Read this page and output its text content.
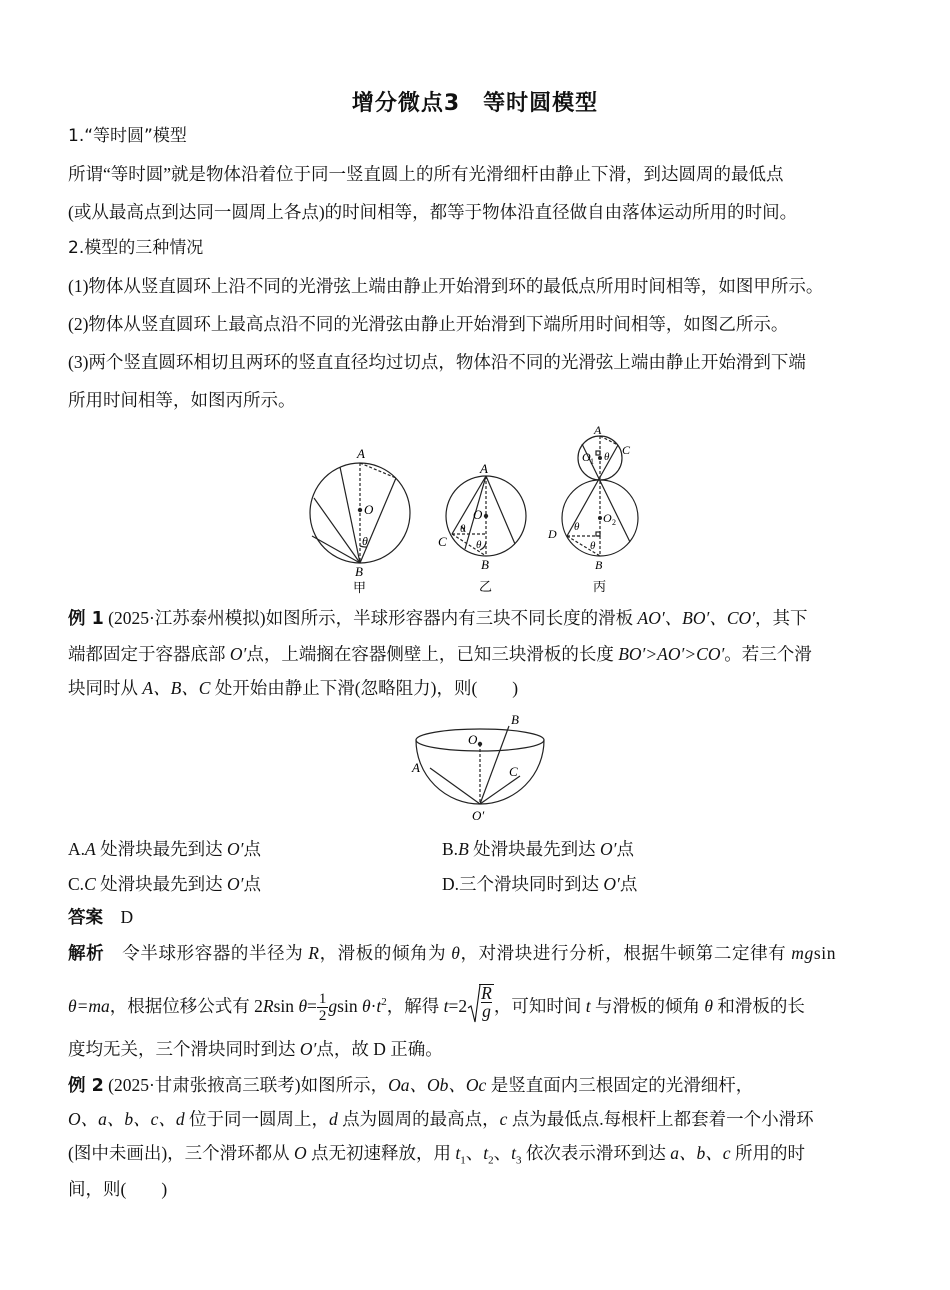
增分微点3　等时圆模型
1.“等时圆”模型
所谓“等时圆”就是物体沿着位于同一竖直圆上的所有光滑细杆由静止下滑，到达圆周的最低点
(或从最高点到达同一圆周上各点)的时间相等，都等于物体沿直径做自由落体运动所用的时间。
2.模型的三种情况
(1)物体从竖直圆环上沿不同的光滑弦上端由静止开始滑到环的最低点所用时间相等，如图甲所示。
(2)物体从竖直圆环上最高点沿不同的光滑弦由静止开始滑到下端所用时间相等，如图乙所示。
(3)两个竖直圆环相切且两环的竖直直径均过切点，物体沿不同的光滑弦上端由静止开始滑到下端
所用时间相等，如图丙所示。
A
O
θ
B
甲
A
O
C
θ
θ
B
乙
A
O 1 θ C
O 2
D θ
θ
B
丙
例 1 (2025·江苏泰州模拟)如图所示，半球形容器内有三块不同长度的滑板 AO′、BO′、CO′，其下
端都固定于容器底部 O′点，上端搁在容器侧壁上，已知三块滑板的长度 BO′>AO′>CO′。若三个滑
块同时从 A、B、C 处开始由静止下滑(忽略阻力)，则(　　)
O
B
A	C
O′
A.A 处滑块最先到达 O′点	B.B 处滑块最先到达 O′点
C.C 处滑块最先到达 O′点	D.三个滑块同时到达 O′点
答案　 D
解析　令半球形容器的半径为 R，滑板的倾角为 θ，对滑块进行分析，根据牛顿第二定律有 mgsin
θ=ma，根据位移公式有 2Rsin $\theta= \frac{1}{2}$ gsin $\theta\cdot t^2$，解得 $t=2 \frac{R}{g}$ ，可知时间 t 与滑板的倾角 θ 和滑板的长
度均无关，三个滑块同时到达 O′点，故 D 正确。
例 2 (2025·甘肃张掖高三联考)如图所示，Oa、Ob、Oc 是竖直面内三根固定的光滑细杆，
O、a、b、c、d 位于同一圆周上，d 点为圆周的最高点，c 点为最低点.每根杆上都套着一个小滑环
(图中未画出)，三个滑环都从 O 点无初速释放，用 $t_1$、$t_2$、$t_3$ 依次表示滑环到达 a、b、c 所用的时
间，则(　　)
